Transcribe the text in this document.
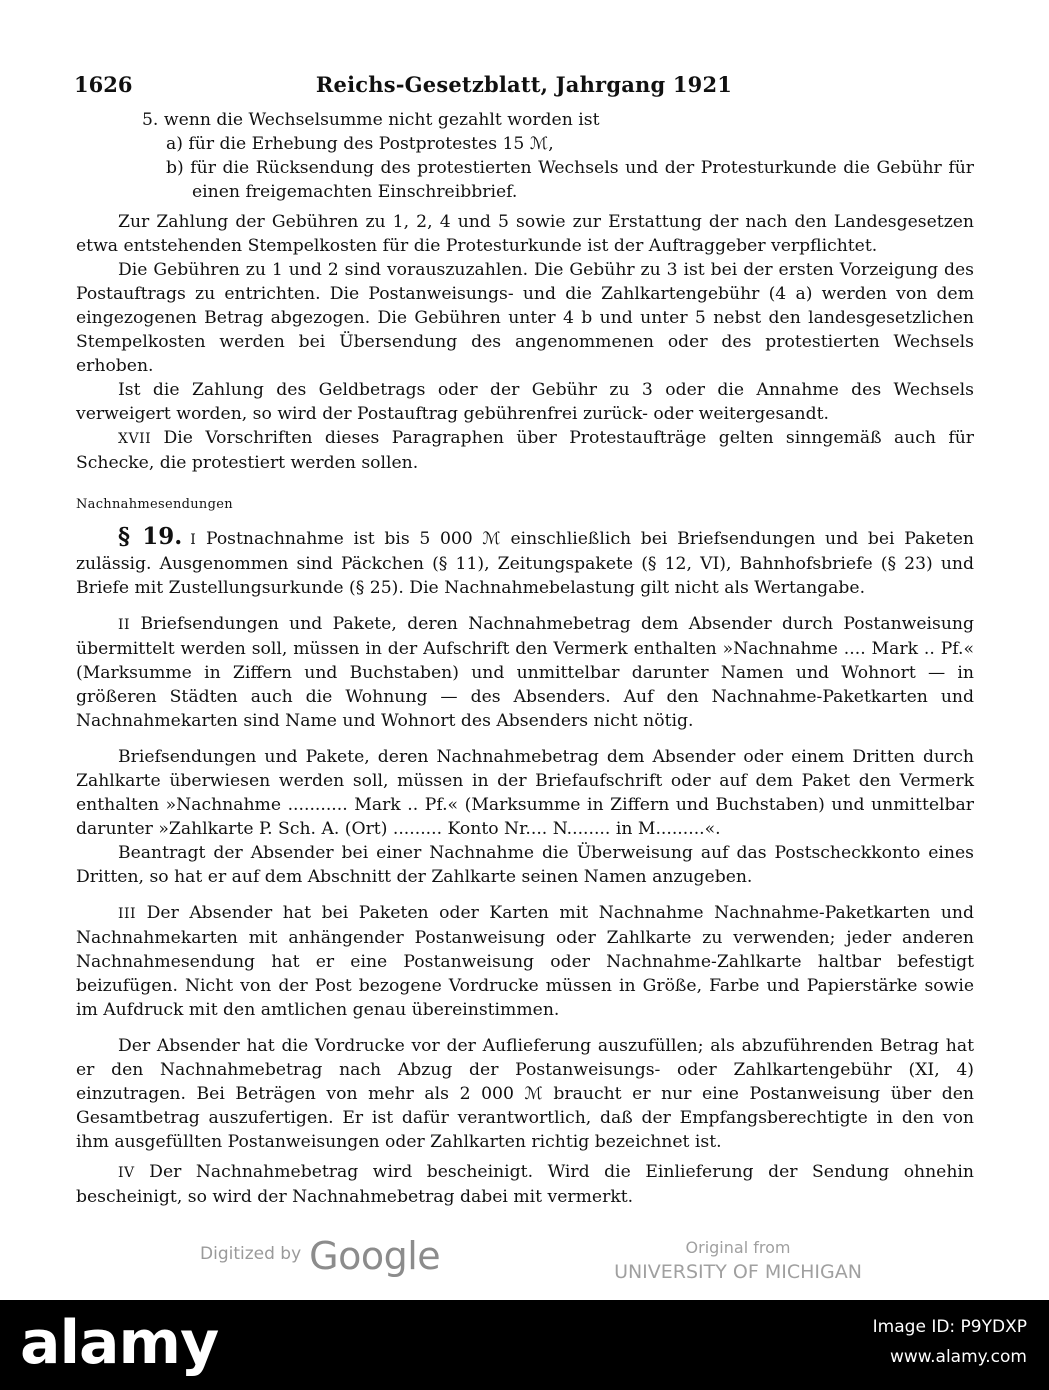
1626	Reichs-Gesetzblatt, Jahrgang 1921

5. wenn die Wechselsumme nicht gezahlt worden ist

a) für die Erhebung des Postprotestes 15 ℳ,

b) für die Rücksendung des protestierten Wechsels und der Protesturkunde die Gebühr für einen freigemachten Einschreibbrief.

Zur Zahlung der Gebühren zu 1, 2, 4 und 5 sowie zur Erstattung der nach den Landesgesetzen etwa entstehenden Stempelkosten für die Protesturkunde ist der Auftraggeber verpflichtet.

Die Gebühren zu 1 und 2 sind vorauszuzahlen. Die Gebühr zu 3 ist bei der ersten Vorzeigung des Postauftrags zu entrichten. Die Postanweisungs- und die Zahlkartengebühr (4 a) werden von dem eingezogenen Betrag abgezogen. Die Gebühren unter 4 b und unter 5 nebst den landesgesetzlichen Stempelkosten werden bei Übersendung des angenommenen oder des protestierten Wechsels erhoben.

Ist die Zahlung des Geldbetrags oder der Gebühr zu 3 oder die Annahme des Wechsels verweigert worden, so wird der Postauftrag gebührenfrei zurück- oder weitergesandt.

XVII Die Vorschriften dieses Paragraphen über Protestaufträge gelten sinngemäß auch für Schecke, die protestiert werden sollen.

Nachnahmesendungen

§ 19. I Postnachnahme ist bis 5 000 ℳ einschließlich bei Briefsendungen und bei Paketen zulässig. Ausgenommen sind Päckchen (§ 11), Zeitungspakete (§ 12, VI), Bahnhofsbriefe (§ 23) und Briefe mit Zustellungsurkunde (§ 25). Die Nachnahmebelastung gilt nicht als Wertangabe.

II Briefsendungen und Pakete, deren Nachnahmebetrag dem Absender durch Postanweisung übermittelt werden soll, müssen in der Aufschrift den Vermerk enthalten »Nachnahme .... Mark .. Pf.« (Marksumme in Ziffern und Buchstaben) und unmittelbar darunter Namen und Wohnort — in größeren Städten auch die Wohnung — des Absenders. Auf den Nachnahme-Paketkarten und Nachnahmekarten sind Name und Wohnort des Absenders nicht nötig.

Briefsendungen und Pakete, deren Nachnahmebetrag dem Absender oder einem Dritten durch Zahlkarte überwiesen werden soll, müssen in der Briefaufschrift oder auf dem Paket den Vermerk enthalten »Nachnahme ........... Mark .. Pf.« (Marksumme in Ziffern und Buchstaben) und unmittelbar darunter »Zahlkarte P. Sch. A. (Ort) ......... Konto Nr.... N........ in M.........«.

Beantragt der Absender bei einer Nachnahme die Überweisung auf das Postscheckkonto eines Dritten, so hat er auf dem Abschnitt der Zahlkarte seinen Namen anzugeben.

III Der Absender hat bei Paketen oder Karten mit Nachnahme Nachnahme-Paketkarten und Nachnahmekarten mit anhängender Postanweisung oder Zahlkarte zu verwenden; jeder anderen Nachnahmesendung hat er eine Postanweisung oder Nachnahme-Zahlkarte haltbar befestigt beizufügen. Nicht von der Post bezogene Vordrucke müssen in Größe, Farbe und Papierstärke sowie im Aufdruck mit den amtlichen genau übereinstimmen.

Der Absender hat die Vordrucke vor der Auflieferung auszufüllen; als abzuführenden Betrag hat er den Nachnahmebetrag nach Abzug der Postanweisungs- oder Zahlkartengebühr (XI, 4) einzutragen. Bei Beträgen von mehr als 2 000 ℳ braucht er nur eine Postanweisung über den Gesamtbetrag auszufertigen. Er ist dafür verantwortlich, daß der Empfangsberechtigte in den von ihm ausgefüllten Postanweisungen oder Zahlkarten richtig bezeichnet ist.

IV Der Nachnahmebetrag wird bescheinigt. Wird die Einlieferung der Sendung ohnehin bescheinigt, so wird der Nachnahmebetrag dabei mit vermerkt.

Digitized by Google	Original from
UNIVERSITY OF MICHIGAN
alamy	Image ID: P9YDXP
www.alamy.com
